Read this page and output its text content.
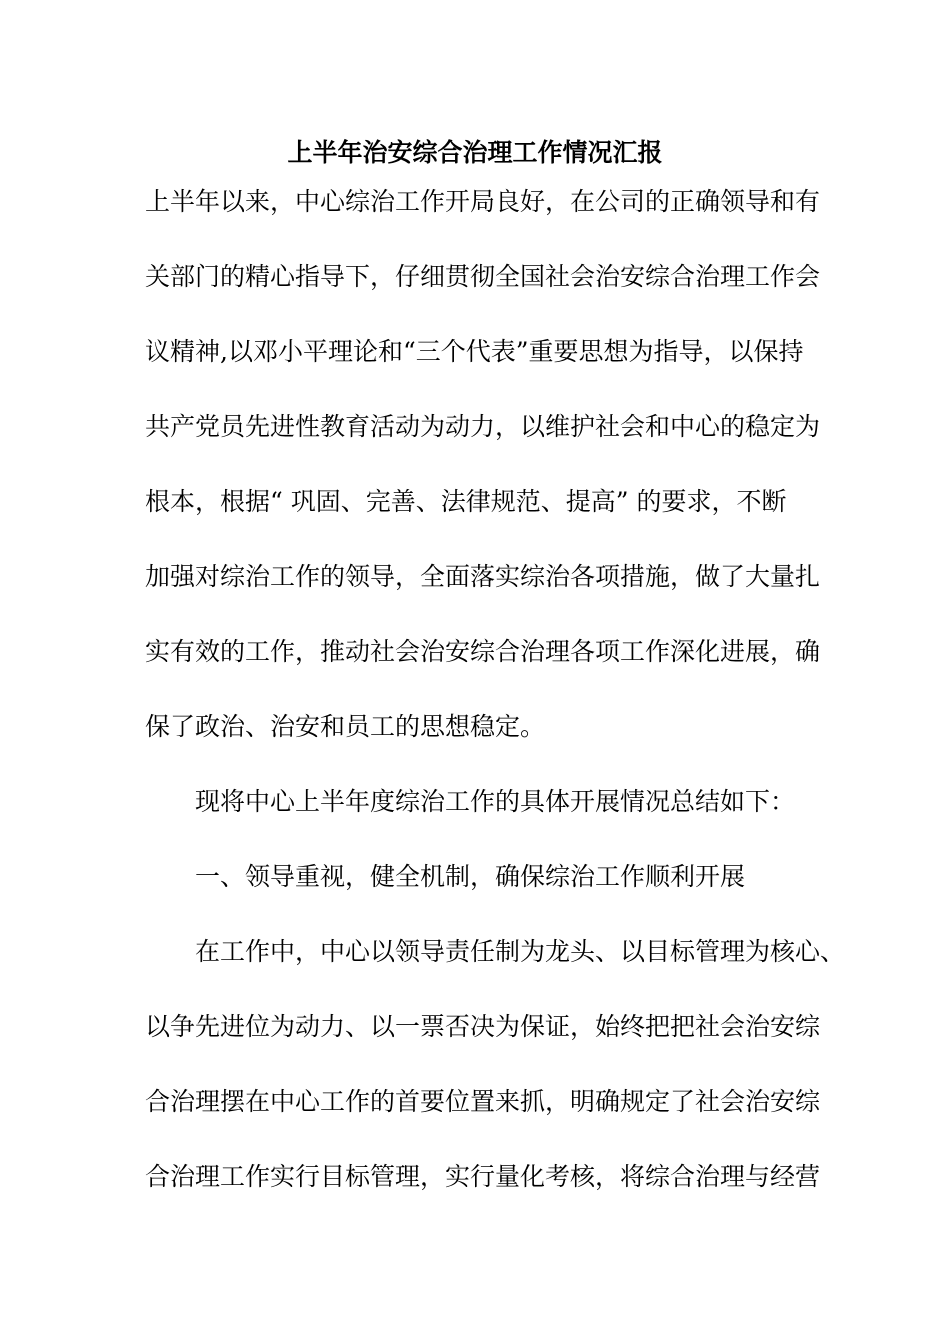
上半年治安综合治理工作情况汇报
上半年以来，中心综治工作开局良好，在公司的正确领导和有
关部门的精心指导下，仔细贯彻全国社会治安综合治理工作会
议精神,以邓小平理论和“三个代表”重要思想为指导，以保持
共产党员先进性教育活动为动力，以维护社会和中心的稳定为
根本，根据“ 巩固、完善、法律规范、提高” 的要求，不断
加强对综治工作的领导，全面落实综治各项措施，做了大量扎
实有效的工作，推动社会治安综合治理各项工作深化进展，确
保了政治、治安和员工的思想稳定。
　　现将中心上半年度综治工作的具体开展情况总结如下：
　　一、领导重视，健全机制，确保综治工作顺利开展
　　在工作中，中心以领导责任制为龙头、以目标管理为核心、
以争先进位为动力、以一票否决为保证，始终把把社会治安综
合治理摆在中心工作的首要位置来抓，明确规定了社会治安综
合治理工作实行目标管理，实行量化考核，将综合治理与经营
